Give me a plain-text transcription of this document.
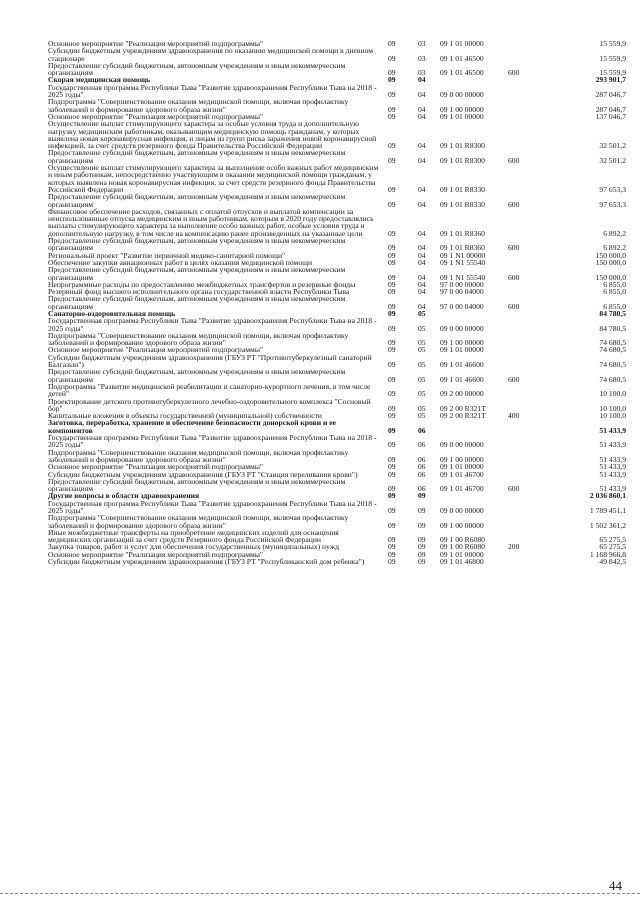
Основное мероприятие "Реализация мероприятий подпрограммы"	09	03 09 1 01 00000	15 559,9
Субсидии бюджетным учреждениям здравоохранения по оказанию медицинской помощи в дневном стационаре	09	03 09 1 01 46500	15 559,9
Предоставление субсидий бюджетным, автономным учреждениям и иным некоммерческим организациям	09	03 09 1 01 46500	600	15 559,9
Скорая медицинская помощь	09	04	293 901,7
Государственная программа Республики Тыва "Развитие здравоохранения Республики Тыва на 2018 - 2025 годы"	09	04 09 0 00 00000	287 046,7
Подпрограмма "Совершенствование оказания медицинской помощи, включая профилактику заболеваний и формирование здорового образа жизни"	09	04 09 1 00 00000	287 046,7
Основное мероприятие "Реализация мероприятий подпрограммы"	09	04 09 1 01 00000	137 046,7
Осуществление выплат стимулирующего характера за особые условия труда и дополнительную нагрузку медицинским работникам, оказывающим медицинскую помощь гражданам, у которых выявлена новая коронавирусная инфекция, и лицам из групп риска заражения новой коронавирусной инфекцией, за счет средств резервного фонда Правительства Российской Федерации	09	04 09 1 01 R8300	32 501,2
Предоставление субсидий бюджетным, автономным учреждениям и иным некоммерческим организациям	09	04 09 1 01 R8300	600	32 501,2
Осуществление выплат стимулирующего характера за выполнение особо важных работ медицинским и иным работникам, непосредственно участвующим в оказании медицинской помощи гражданам, у которых выявлена новая коронавирусная инфекция, за счет средств резервного фонда Правительства Российской Федерации	09	04 09 1 01 R8330	97 653,3
Предоставление субсидий бюджетным, автономным учреждениям и иным некоммерческим организациям	09	04 09 1 01 R8330	600	97 653,3
Финансовое обеспечение расходов, связанных с оплатой отпусков и выплатой компенсации за неиспользованные отпуска медицинским и иным работникам, которым в 2020 году предоставлялись выплаты стимулирующего характера за выполнение особо важных работ, особые условия труда и дополнительную нагрузку, в том числе на компенсацию ранее произведенных на указанные цели	09	04 09 1 01 R8360	6 892,2
Предоставление субсидий бюджетным, автономным учреждениям и иным некоммерческим организациям	09	04 09 1 01 R8360	600	6 892,2
Региональный проект "Развитие первичной медико-санитарной помощи"	09	04 09 1 N1 00000	150 000,0
Обеспечение закупки авиационных работ в целях оказания медицинской помощи	09	04 09 1 N1 55540	150 000,0
Предоставление субсидий бюджетным, автономным учреждениям и иным некоммерческим организациям	09	04 09 1 N1 55540	600	150 000,0
Непрограммные расходы по предоставлению межбюджетных трансфертов и резервные фонды	09	04 97 0 00 00000	6 855,0
Резервный фонд высшего исполнительного органа государственной власти Республики Тыва	09	04 97 0 00 04000	6 855,0
Предоставление субсидий бюджетным, автономным учреждениям и иным некоммерческим организациям	09	04 97 0 00 04000	600	6 855,0
Санаторно-оздоровительная помощь	09	05	84 780,5
Государственная программа Республики Тыва "Развитие здравоохранения Республики Тыва на 2018 - 2025 годы"	09	05 09 0 00 00000	84 780,5
Подпрограмма "Совершенствование оказания медицинской помощи, включая профилактику заболеваний и формирование здорового образа жизни"	09	05 09 1 00 00000	74 680,5
Основное мероприятие "Реализация мероприятий подпрограммы"	09	05 09 1 01 00000	74 680,5
Субсидии бюджетным учреждениям здравоохранения (ГБУЗ РТ "Противотуберкулезный санаторий Балгазын")	09	05 09 1 01 46600	74 680,5
Предоставление субсидий бюджетным, автономным учреждениям и иным некоммерческим организациям	09	05 09 1 01 46600	600	74 680,5
Подпрограмма "Развитие медицинской реабилитации и санаторно-курортного лечения, в том числе детей"	09	05 09 2 00 00000	10 100,0
Проектирование детского противотуберкулезного лечебно-оздоровительного комплекса "Сосновый бор"	09	05 09 2 00 R321T	10 100,0
Капитальные вложения в объекты государственной (муниципальной) собственности	09	05 09 2 00 R321T	400	10 100,0
Заготовка, переработка, хранение и обеспечение безопасности донорской крови и ее компонентов	09	06	51 433,9
Государственная программа Республики Тыва "Развитие здравоохранения Республики Тыва на 2018 - 2025 годы"	09	06 09 0 00 00000	51 433,9
Подпрограмма "Совершенствование оказания медицинской помощи, включая профилактику заболеваний и формирование здорового образа жизни"	09	06 09 1 00 00000	51 433,9
Основное мероприятие "Реализация мероприятий подпрограммы"	09	06 09 1 01 00000	51 433,9
Субсидии бюджетным учреждениям здравоохранения (ГБУЗ РТ "Станция переливания крови")	09	06 09 1 01 46700	51 433,9
Предоставление субсидий бюджетным, автономным учреждениям и иным некоммерческим организациям	09	06 09 1 01 46700	600	51 433,9
Другие вопросы в области здравоохранения	09	09	2 036 860,1
Государственная программа Республики Тыва "Развитие здравоохранения Республики Тыва на 2018 - 2025 годы"	09	09 09 0 00 00000	1 789 451,1
Подпрограмма "Совершенствование оказания медицинской помощи, включая профилактику заболеваний и формирование здорового образа жизни"	09	09 09 1 00 00000	1 502 361,2
Иные межбюджетные трансферты на приобретение медицинских изделий для оснащения медицинских организаций за счет средств Резервного фонда Российской Федерации	09	09 09 1 00 R6080	65 275,5
Закупка товаров, работ и услуг для обеспечения государственных (муниципальных) нужд	09	09 09 1 00 R6080	200	65 275,5
Основное мероприятие "Реализация мероприятий подпрограммы"	09	09 09 1 01 00000	1 168 966,8
Субсидии бюджетным учреждениям здравоохранения (ГБУЗ РТ "Республиканский дом ребенка")	09	09 09 1 01 46800	49 842,5
44
